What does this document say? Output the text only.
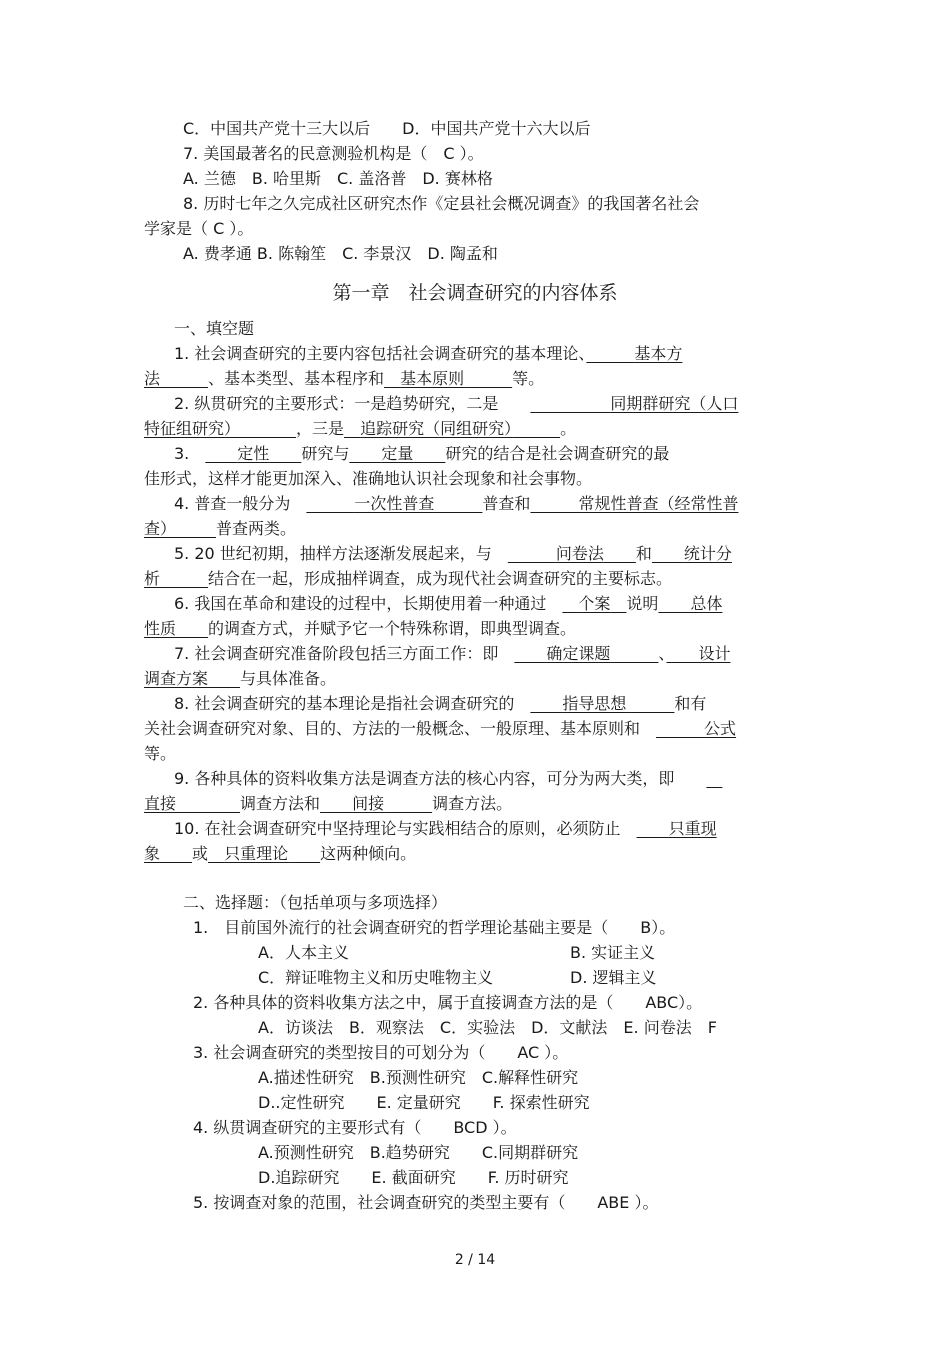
C．中国共产党十三大以后　　D．中国共产党十六大以后
7. 美国最著名的民意测验机构是（　C ）。
A. 兰德　B. 哈里斯　C. 盖洛普　D. 赛林格
8. 历时七年之久完成社区研究杰作《定县社会概况调查》的我国著名社会
学家是（ C ）。
A. 费孝通 B. 陈翰笙　C. 李景汉　D. 陶孟和
第一章　社会调查研究的内容体系
一、填空题
1. 社会调查研究的主要内容包括社会调查研究的基本理论、　　　	基本方
法　　　	、基本类型、基本程序和　 基本原则　　　	等。
2. 纵贯研究的主要形式：一是趋势研究，二是　　　　　　　	同期群研究（人口
特征组研究）　　　　	，三是　 追踪研究（同组研究）　　　	。
3.　　　	定性　　 研究与　　 定量　　 研究的结合是社会调查研究的最
佳形式，这样才能更加深入、准确地认识社会现象和社会事物。
4. 普查一般分为　　　　	一次性普查　　　	普查和　　　	常规性普查（经常性普
查）　　　	普查两类。
5. 20 世纪初期，抽样方法逐渐发展起来，与　　　　	问卷法　　 和　　 统计分
析　　　	结合在一起，形成抽样调查，成为现代社会调查研究的主要标志。
6. 我国在革命和建设的过程中，长期使用着一种通过　　 个案　 说明　　 总体
性质　　 的调查方式，并赋予它一个特殊称谓，即典型调查。
7. 社会调查研究准备阶段包括三方面工作：即　　　	确定课题　　　	、　　 设计
调查方案　　 与具体准备。
8. 社会调查研究的基本理论是指社会调查研究的　　　	指导思想　　　	和有
关社会调查研究对象、目的、方法的一般概念、一般原理、基本原则和　　　　	公式
等。
9. 各种具体的资料收集方法是调查方法的核心内容，可分为两大类，即　　　
直接　　　　	调查方法和　　 间接　　　	调查方法。
10. 在社会调查研究中坚持理论与实践相结合的原则，必须防止　　　	只重现
象　　 或　 只重理论　　 这两种倾向。
二、选择题：（包括单项与多项选择）
1.　目前国外流行的社会调查研究的哲学理论基础主要是（　　B）。
A．人本主义	B. 实证主义
C．辩证唯物主义和历史唯物主义	D. 逻辑主义
2. 各种具体的资料收集方法之中，属于直接调查方法的是（　　ABC）。
A．访谈法　B．观察法　C．实验法　D．文献法　E. 问卷法　F
3. 社会调查研究的类型按目的可划分为（　　AC ）。
A.描述性研究　B.预测性研究　C.解释性研究
D..定性研究　　E. 定量研究　　F. 探索性研究
4. 纵贯调查研究的主要形式有（　　BCD ）。
A.预测性研究　B.趋势研究　　C.同期群研究
D.追踪研究　　E. 截面研究　　F. 历时研究
5. 按调查对象的范围，社会调查研究的类型主要有（　　ABE ）。
2 / 14
